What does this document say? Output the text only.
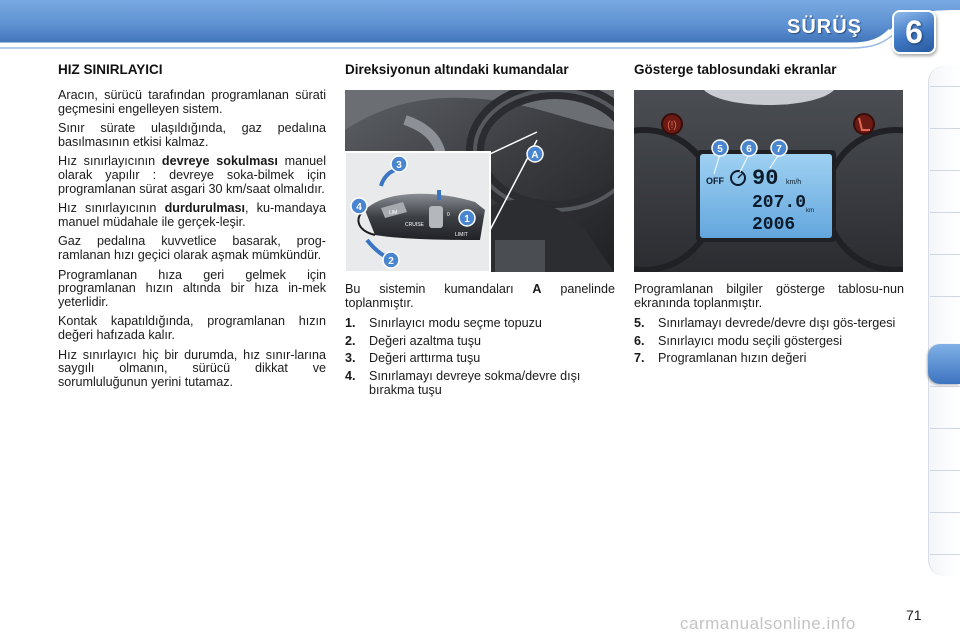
SÜRÜŞ	6
HIZ SINIRLAYICI

Aracın, sürücü tarafından programlanan sürati geçmesini engelleyen sistem.

Sınır sürate ulaşıldığında, gaz pedalına basılmasının etkisi kalmaz.

Hız sınırlayıcının devreye sokulması manuel olarak yapılır : devreye soka-bilmek için programlanan sürat asgari 30 km/saat olmalıdır.

Hız sınırlayıcının durdurulması, ku-mandaya manuel müdahale ile gerçek-leşir.

Gaz pedalına kuvvetlice basarak, prog-ramlanan hızı geçici olarak aşmak mümkündür.

Programlanan hıza geri gelmek için programlanan hızın altında bir hıza in-mek yeterlidir.

Kontak kapatıldığında, programlanan hızın değeri hafızada kalır.

Hız sınırlayıcı hiç bir durumda, hız sınır-larına saygılı olmanın, sürücü dikkat ve sorumluluğunun yerini tutamaz.

Direksiyonun altındaki kumandalar
LIM
CRUISE
0
LIMIT
3
4
1
2
A

Bu sistemin kumandaları A panelinde toplanmıştır.

1. Sınırlayıcı modu seçme topuzu
2. Değeri azaltma tuşu
3. Değeri arttırma tuşu
4. Sınırlamayı devreye sokma/devre dışı bırakma tuşu
Gösterge tablosundaki ekranlar
(!)
OFF 90 km/h
207.0
2006
km
5 6 7

Programlanan bilgiler gösterge tablosu-nun ekranında toplanmıştır.

5. Sınırlamayı devrede/devre dışı gös-tergesi
6. Sınırlayıcı modu seçili göstergesi
7. Programlanan hızın değeri
carmanualsonline.info	71
